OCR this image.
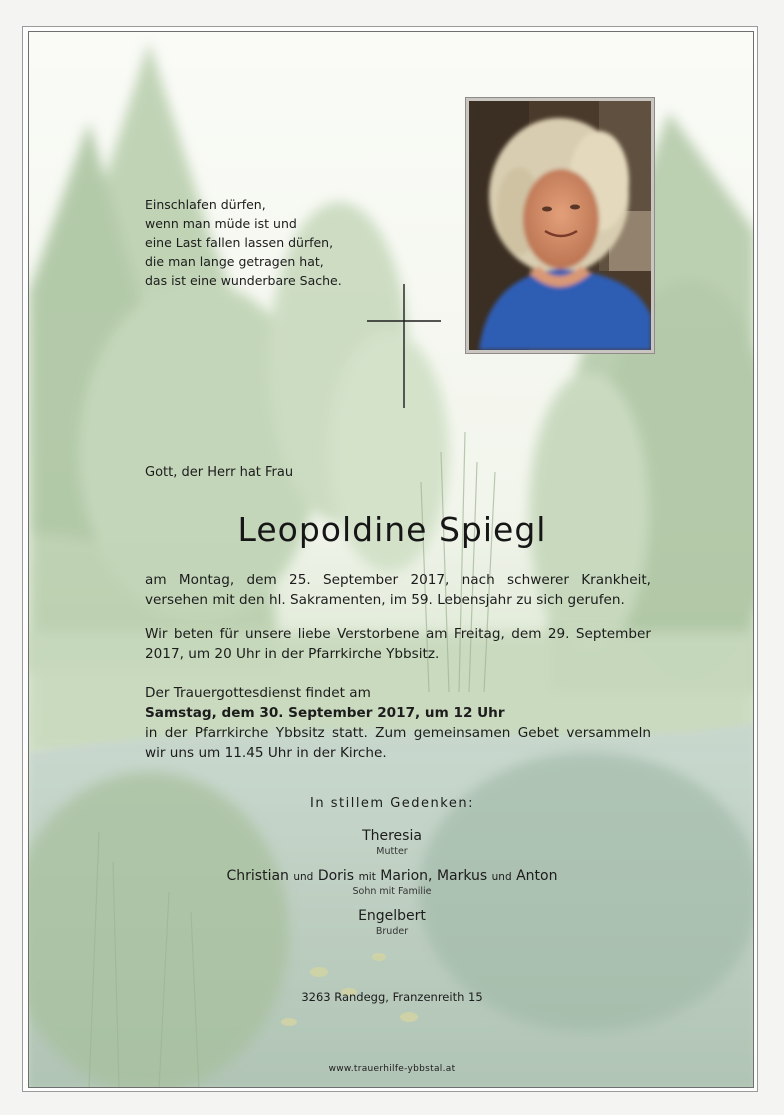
Einschlafen dürfen,
wenn man müde ist und
eine Last fallen lassen dürfen,
die man lange getragen hat,
das ist eine wunderbare Sache.

Gott, der Herr hat Frau

Leopoldine Spiegl

am Montag, dem 25. September 2017, nach schwerer Krankheit, versehen mit den hl. Sakramenten, im 59. Lebensjahr zu sich gerufen.

Wir beten für unsere liebe Verstorbene am Freitag, dem 29. September 2017, um 20 Uhr in der Pfarrkirche Ybbsitz.

Der Trauergottesdienst findet am
Samstag, dem 30. September 2017, um 12 Uhr
in der Pfarrkirche Ybbsitz statt. Zum gemeinsamen Gebet versammeln wir uns um 11.45 Uhr in der Kirche.

In stillem Gedenken:

Theresia
Mutter
Christian und Doris mit Marion, Markus und Anton
Sohn mit Familie
Engelbert
Bruder

3263 Randegg, Franzenreith 15

www.trauerhilfe-ybbstal.at
